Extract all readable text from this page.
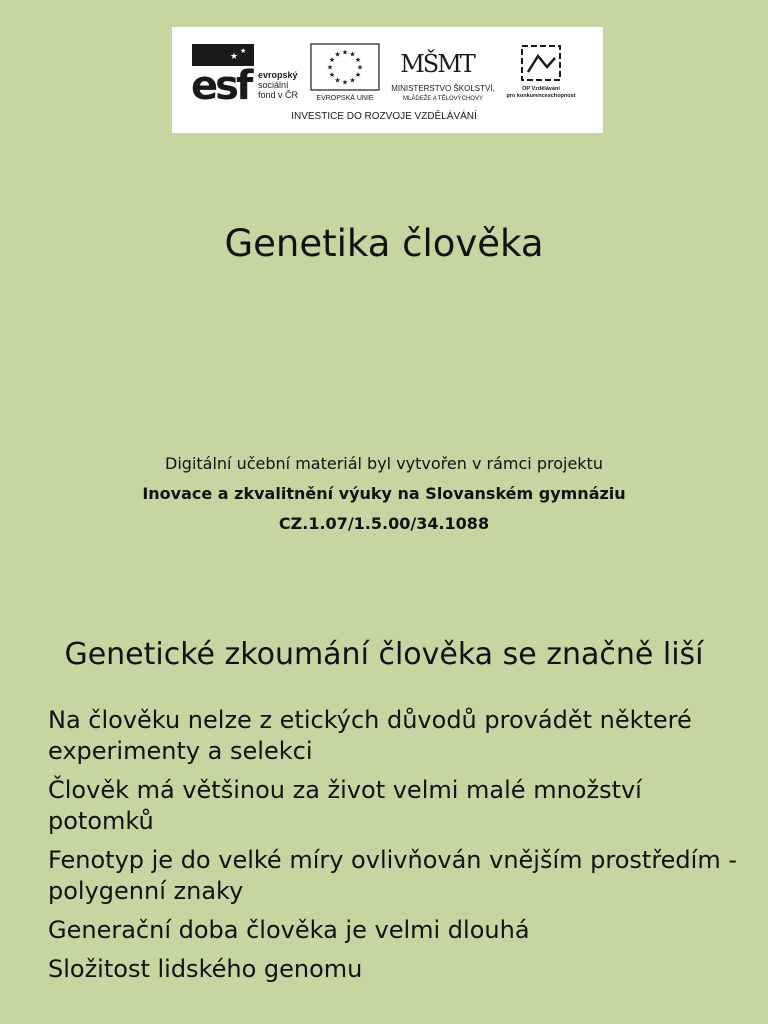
★
★
esf evropský
sociální
fond v ČR
★ ★
★
★
★
★
★
★
★
★
★
★
EVROPSKÁ UNIE
MŠMT
MINISTERSTVO ŠKOLSTVÍ,
MLÁDEŽE A TĚLOVÝCHOVY
OP Vzdělávání
pro konkurenceschopnost
INVESTICE DO ROZVOJE VZDĚLÁVÁNÍ
Genetika člověka
Digitální učební materiál byl vytvořen v rámci projektu
Inovace a zkvalitnění výuky na Slovanském gymnáziu
CZ.1.07/1.5.00/34.1088
Genetické zkoumání člověka se značně liší
Na člověku nelze z etických důvodů provádět některé experimenty a selekci
Člověk má většinou za život velmi malé množství potomků
Fenotyp je do velké míry ovlivňován vnějším prostředím - polygenní znaky
Generační doba člověka je velmi dlouhá
Složitost lidského genomu
